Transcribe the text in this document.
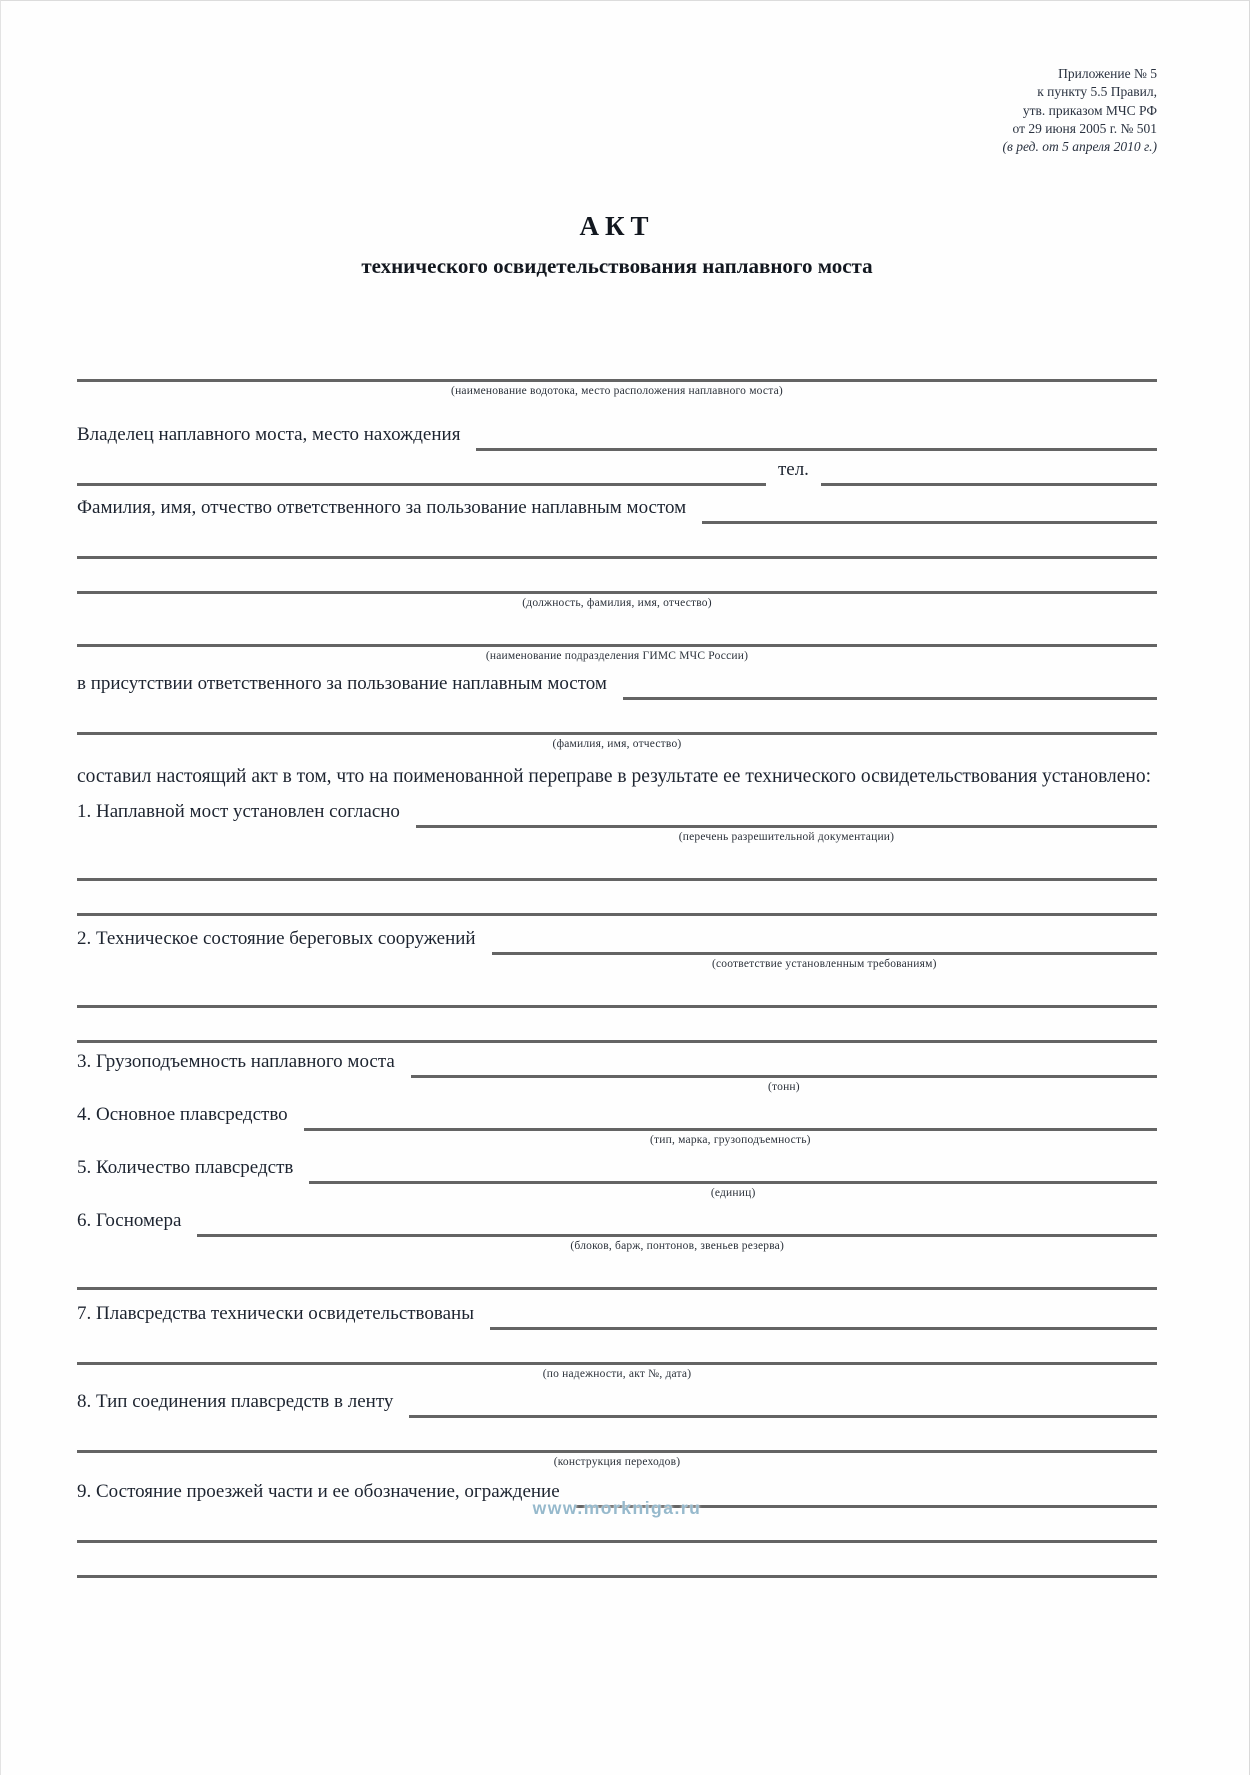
Приложение № 5
к пункту 5.5 Правил,
утв. приказом МЧС РФ
от 29 июня 2005 г. № 501
(в ред. от 5 апреля 2010 г.)
АКТ
технического освидетельствования наплавного моста
(наименование водотока, место расположения наплавного моста)
Владелец наплавного моста, место нахождения
тел.
Фамилия, имя, отчество ответственного за пользование наплавным мостом
(должность, фамилия, имя, отчество)
(наименование подразделения ГИМС МЧС России)
в присутствии ответственного за пользование наплавным мостом
(фамилия, имя, отчество)
составил настоящий акт в том, что на поименованной переправе в результате ее технического освидетельствования установлено:
1. Наплавной мост установлен согласно
(перечень разрешительной документации)
2. Техническое состояние береговых сооружений
(соответствие установленным требованиям)
3. Грузоподъемность наплавного моста
(тонн)
4. Основное плавсредство
(тип, марка, грузоподъемность)
5. Количество плавсредств
(единиц)
6. Госномера
(блоков, барж, понтонов, звеньев резерва)
7. Плавсредства технически освидетельствованы
(по надежности, акт №, дата)
8. Тип соединения плавсредств в ленту
(конструкция переходов)
9. Состояние проезжей части и ее обозначение, ограждение
www.morkniga.ru
